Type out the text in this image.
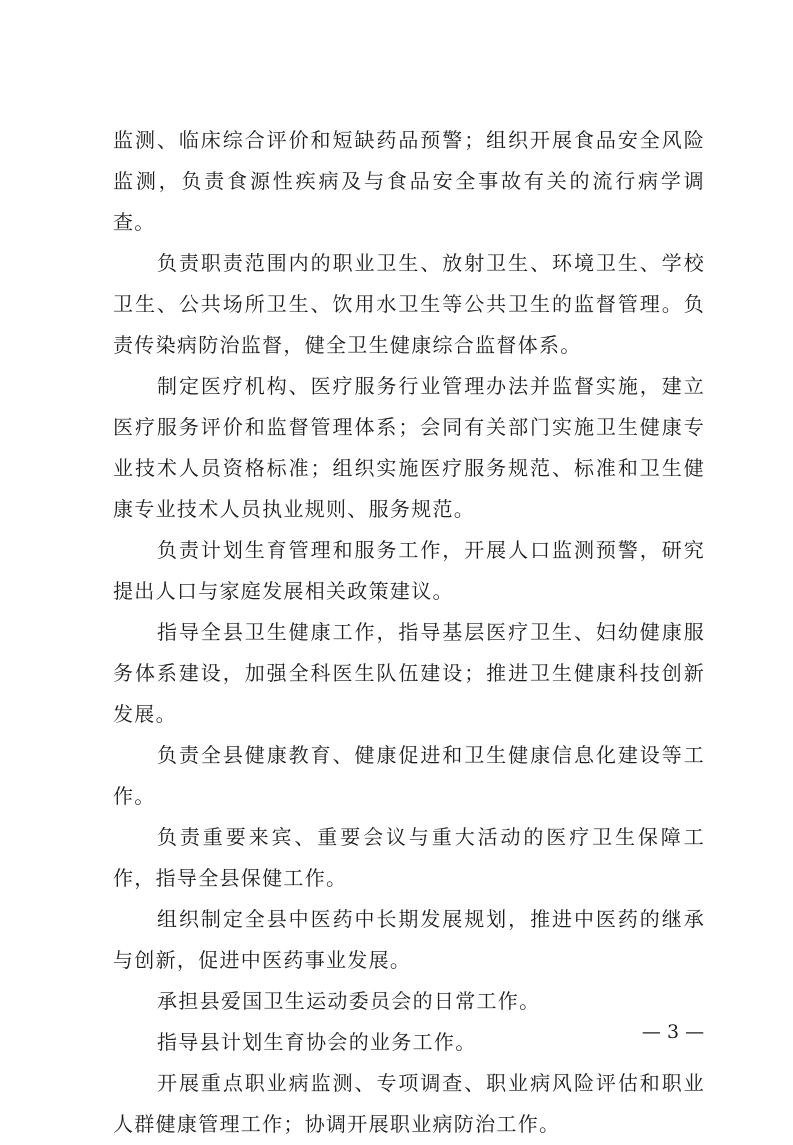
监测、临床综合评价和短缺药品预警；组织开展食品安全风险监测，负责食源性疾病及与食品安全事故有关的流行病学调查。

负责职责范围内的职业卫生、放射卫生、环境卫生、学校卫生、公共场所卫生、饮用水卫生等公共卫生的监督管理。负责传染病防治监督，健全卫生健康综合监督体系。

制定医疗机构、医疗服务行业管理办法并监督实施，建立医疗服务评价和监督管理体系；会同有关部门实施卫生健康专业技术人员资格标准；组织实施医疗服务规范、标准和卫生健康专业技术人员执业规则、服务规范。

负责计划生育管理和服务工作，开展人口监测预警，研究提出人口与家庭发展相关政策建议。

指导全县卫生健康工作，指导基层医疗卫生、妇幼健康服务体系建设，加强全科医生队伍建设；推进卫生健康科技创新发展。

负责全县健康教育、健康促进和卫生健康信息化建设等工作。

负责重要来宾、重要会议与重大活动的医疗卫生保障工作，指导全县保健工作。

组织制定全县中医药中长期发展规划，推进中医药的继承与创新，促进中医药事业发展。

承担县爱国卫生运动委员会的日常工作。

指导县计划生育协会的业务工作。

开展重点职业病监测、专项调查、职业病风险评估和职业人群健康管理工作；协调开展职业病防治工作。

— 3 —
